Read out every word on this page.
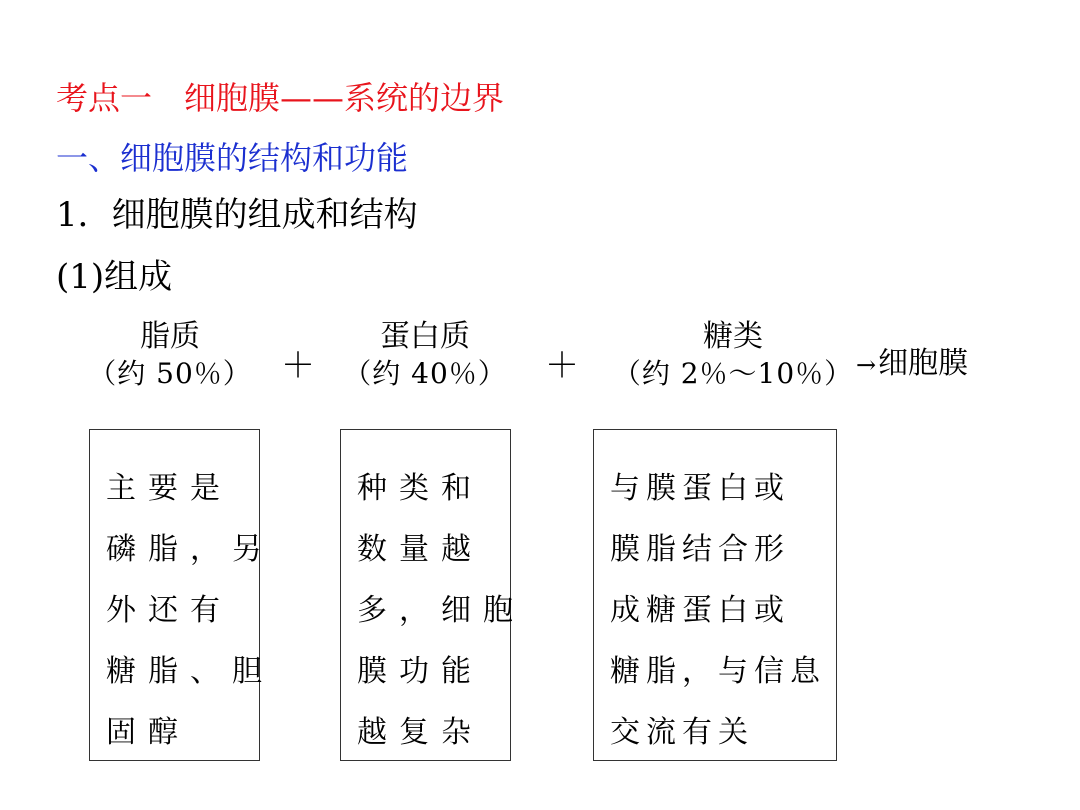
考点一　细胞膜——系统的边界
一、细胞膜的结构和功能
1．细胞膜的组成和结构
(1)组成
脂质
（约 50％） ＋
蛋白质
（约 40％） ＋
糖类
（约 2％～10％） →细胞膜
主要是
磷脂，另
外还有
糖脂、胆
固醇
种类和
数量越
多，细胞
膜功能
越复杂
与膜蛋白或
膜脂结合形
成糖蛋白或
糖脂，与信息
交流有关
